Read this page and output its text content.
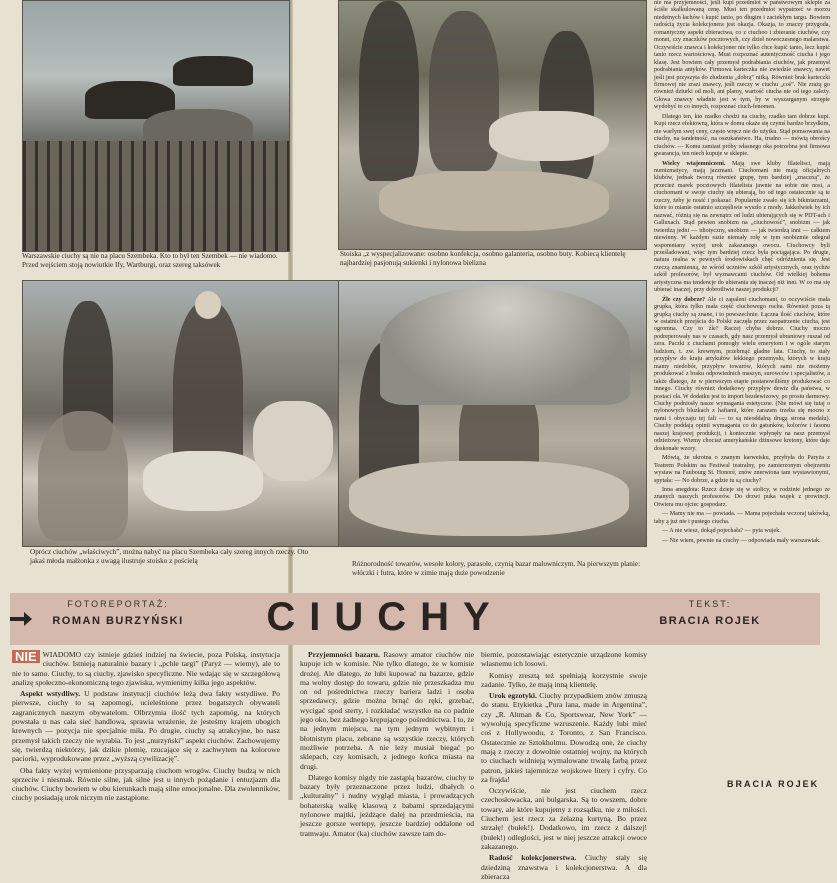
Warszawskie ciuchy są nie na placu Szembeka. Kto to był ten Szembek — nie wiadomo. Przed wejściem stoją nowiutkie Ify, Wartburgi, oraz szereg taksówek
Stoiska „z wyspecjalizowane: osobno konfekcja, osobno galanteria, osobno buty. Kobiecą klientelę najbardziej pasjonują sukienki i nylonowa bielizna
Oprócz ciuchów „właściwych”, można nabyć na placu Szembeka cały szereg innych rzeczy. Oto jakaś młoda małżonka z uwagą ilustruje stoisko z pościelą	Różnorodność towarów, wesołe kolory, parasole, czynią bazar malowniczym. Na pierwszym planie: włóczki i futra, które w zimie mają duże powodzenie
FOTOREPORTAŻ:
ROMAN BURZYŃSKI	CIUCHY	TEKST:
BRACIA ROJEK

NIE WIADOMO czy istnieje gdzieś indziej na świecie, poza Polską, instytucja ciuchów. Istnieją naturalnie bazary i „pchle targi” (Paryż — wiemy), ale to nie to samo. Ciuchy, to są ciuchy, zjawisko specyficzne. Nie wdając się w szczegółową analizę społeczno-ekonomiczną tego zjawiska, wymienimy kilka jego aspektów.

Aspekt wstydliwy. U podstaw instytucji ciuchów leżą dwa fakty wstydliwe. Po pierwsze, ciuchy to są zapomogi, ucieleśnione przez bogatszych obywateli zagranicznych naszym obywatelom. Olbrzymia ilość tych zapomóg, na których powstała u nas cała sieć handlowa, sprawia wrażenie, że jesteśmy krajem ubogich krewnych — pozycja nie specjalnie miła. Po drugie, ciuchy są atrakcyjne, bo nasz przemysł takich rzeczy nie wyrabia. To jest „nurzyński” aspekt ciuchów. Zachowujemy się, twierdzą niektórzy, jak dzikie plemię, rzucające się z zachwytem na kolorowe paciorki, wyprodukowane przez „wyższą cywilizację”.

Oba fakty wyżej wymienione przysparzają ciuchom wrogów. Ciuchy budzą w nich sprzeciw i niesmak. Równie silne, jak silne jest u innych pożądanie i entuzjazm dla ciuchów. Ciuchy bowiem w obu kierunkach mają silne emocjonalne. Dla zwolenników, ciuchy posiadają urok niczym nie zastąpione.

Przyjemności bazaru. Rasowy amator ciuchów nie kupuje ich w komisie. Nie tylko dlatego, że w komisie drożej. Ale dlatego, że lubi kupować na bazarze, gdzie ma wolny dostęp do towaru, gdzie nie przeszkadza mu on od pośrednictwa rzeczy bariera ladzi i osoba sprzedawcy, gdzie można brnąć do ręki, grzebać, wycigać spod sterty, i rozkładać wszystko na co padnie jego oko, bez żadnego krępującego pośrednictwa. I to, że na jednym miejscu, na tym jednym wybitnym i błotnistym placu, zebrane są wszystkie rzeczy, których możliwie potrzeba. A nie leży musiał biegać po sklepach, czy komisach, z jednego końca miasta na drugi.

Dlatego komisy nigdy nie zastąpią bazarów, ciuchy te bazary były przeznaczone przez ludzi, dbałych o „kulturalny” i nudny wygląd miasta, i prowadzących bohaterską walkę klasową z babami sprzedającymi nylonowe majtki, jeżdżące dalej na przedmieścia, na jeszcze gorsze wertepy, jeszcze bardziej oddalone od tramwaju. Amator (ka) ciuchów zawsze tam do-

biernie, pozostawiając estetycznie urządzone komisy własnemu ich losowi.

Komisy zresztą też spełniają korzystnie swoje zadanie. Tylko, że mają inną klientelę.

Urok egzotyki. Ciuchy przypadkiem znów zmuszą do stanu. Etykietka „Pura lana, made in Argentina”, czy „R. Altman & Co, Sportswear, New York” — wywołują specyficzne wzruszenie. Każdy lubi mieć coś z Hollywoodu, z Toronto, z San Francisco. Ostatecznie ze Sztokholmu. Dowodzą one, że ciuchy mają z rzeczy z dowolnie ostatniej wojny, na których to ciuchach widnieją wymalowane trwałą farbą przez patron, jakieś tajemnicze wojskowe litery i cyfry. Co za frajda!

Oczywiście, nie jest ciuchem rzecz czechosłowacka, ani bułgarska. Są to owszem, dobre towary, ale które kupujemy z rozsądku, nie z miłości. Ciuchem jest rzecz za żelazną kurtyną. Bo przez strzałę! (bułek!). Dodatkowo, im rzecz z dalszej! (bułek!) odleglości, jest w niej jeszcze atrakcji owoce zakazanego.

Radość kolekcjonerstwa. Ciuchy stały się dziedziną znawstwa i kolekcjonerstwa. A dla zbieracza

nie ma przyjemności, jeśli kupi przedmiot w państwowym sklepie za ściśle skalkulowaną cenę. Musi ten przedmiot wypatrzeć w morzu niedetnych łachów i kupić tanio, po długim i zaciekłym targu. Bowiem radością życia kolekcjonera jest okazja. Okazja, to znaczy przygoda, romantyczny aspekt zbieractwa, co z ciuchoo i zbieranie ciuchów, czy monet, czy znaczków pocztowych, czy dzieł nowoczesnego malarstwa. Oczywiście znawca i kolekcjoner nie tylko chce kupić tanio, lecz kupić tanio rzecz wartościową. Musi rozpoznać autentyczność ciucha i jego klasę. Jest bowiem cały przemysł podrabiania ciuchów, jak przemysł podrabiania antyków. Firmowa karteczka nie zwiedzie znawcy, nawet jeśli jest przyszyta do złudzenia „dobrą” nitką. Również brak karteczki firmowej nie zrazi znawcy, jeśli rzeczy w ciuchu „coś”. Nie zrażą go również dziurki od moli, ani plamy, wartość ciucha nie od tego zależy. Głowa znawcy władnie jest w tym, by w wyszarganym strzępie wydobyć to co innych, rozpoznać ciuch-fenomen.

Dlatego ten, kto rzadko chodzi na ciuchy, rzadko tam dobrze kupi. Kupi rzecz efektowną, która w domu okaże się czymś bardzo brzydkim, nie warlym swej ceny, często wręcz nie do użytku. Stąd pomsowania na ciuchy, na tandetność, na oszukaństwo. Ha, trudno — mówią obrońcy ciuchów. — Komu zamiast próby własnego oka potrzebna jest firmowa gwarancja, ten niech kupuje w sklepie.

Wielcy wtajemniczeni. Mają swe kluby filatelisci, mają numizmatycy, mają jazzmani. Ciuchomani nie mają oficjalnych klubów, jednak tworzą również grupę, tym bardziej „znaczną”, że przecież marek pocztowych filatelista jawnie na sobie nie nosi, a ciuchomani w swoje ciuchy się ubierają, bo od tego ostatecznie są te rzeczy, żeby je nosić i pokazać. Popularnie zwało się ich bikiniarzami, które to mianie ostatnio szczęśliwie wyszło z mody. Jakkolwiek by ich nazwać, różnią się na zewnątrz od ludzi ubierających się w PDT-ach i Galluxach. Stąd pewien snobizm na „ciuchowość”, snobizm — jak twierdzą jedni — idiotyczny, snobizm — jak twierdzą inni — całkiem niewinny. W każdym razie niemały rolę w tym snobizmie odegrał wspomniany wyżej urok zakazanego owocu. Ciuchowcy byli prześladowani, więc tym bardziej rzecz była pociągająca. Po drugie, natura realna w pewnych środowiskach chęć odróżnienia się. Jest rzeczą znamienną, że wśród uczniów szkół artystycznych, oraz tychże szkół profesorów, był wyznawcami ciuchów. Od wielkiej bohema artystyczna ma tendencje do ubierania się inaczej niż inni. W co ma się ubierać inaczej, przy dobrotliwie naszej produkcji?

Źle czy dobrze? Ale ci zapaleni ciuchomani, to oczywiście mała grupka, która tylko mała część ciuchowego ruchu. Również poza tą grupką ciuchy są znane, i to powszechnie. Łączna ilość ciuchów, które w ostatnich przejścia do Polski zaczęła przez zaopatrzenie ciucha, jest ogromna. Czy to źle? Raczej chyba dobrze. Ciuchy mocno podreperowały nas w czasach, gdy nasz przemysł ubraniowy ruszał od zera. Paczki z ciuchami pomogły wielu emerytom i w ogóle starym ludziom, t. zw. krewnym, przebrnąć gładne lata. Ciuchy, to stały przypływ do kraju artykułów lekkiego przemysłu, których w kraju mamy niedobór, przypływ towarów, których sami nie możemy produkować z braku odpowiednich maszyn, surowców i specjalistów, a także dlatego, że w pierwszym etapie postanowiliśmy produkować co innego. Ciuchy również dodatkowy przypływ dewiz dla państwa, w postaci cła. W dodatku jest to import bezdewizowy, po prostu darmowy. Ciuchy podniosły nasze wymagania estetyczne. (Nie mówi się tutaj o nylonowych bluzkach z haftami, które zarazem trzeba się mocno z nami i obyczaju tej fali — to są nieoddalną drugą strona medalu). Ciuchy poddają opinii wymagania co do gatunków, kolorów i fasonu naszej krajowej produkcji, i koniecznie wpłynęły na nasz przemysł odzieżowy. Wiemy chociaż amerykańskie dżinsowe kretony, które daje doskonałe wzory.

Mówią, że ukrotna o znanym karweisku, przybyła do Paryża z Teatrem Polskim na Festiwal teatralny, po zamierzonym obejrzeniu wystaw na Faubourg St. Honoré, znów znerwiona tam wystawionymi, spytała: — No dobrze, a gdzie tu są ciuchy?

Inna anegdota: Rzecz dzieje się w stolicy, w rodzinie jednego ze znanych naszych profesorów. Do drzwi puka wujek z prowincji. Otwiera mu ojciec gospodarz.

— Mamy nie ma — powiada. — Mama pojechała wczoraj takówką, taby ą już nie i pustego ciucha.

— A nie wiesz, dokąd pojechała? — pyta wujek.

— Nie wiem, pewnie na ciuchy — odpowiada mały warszawiak.

BRACIA ROJEK
